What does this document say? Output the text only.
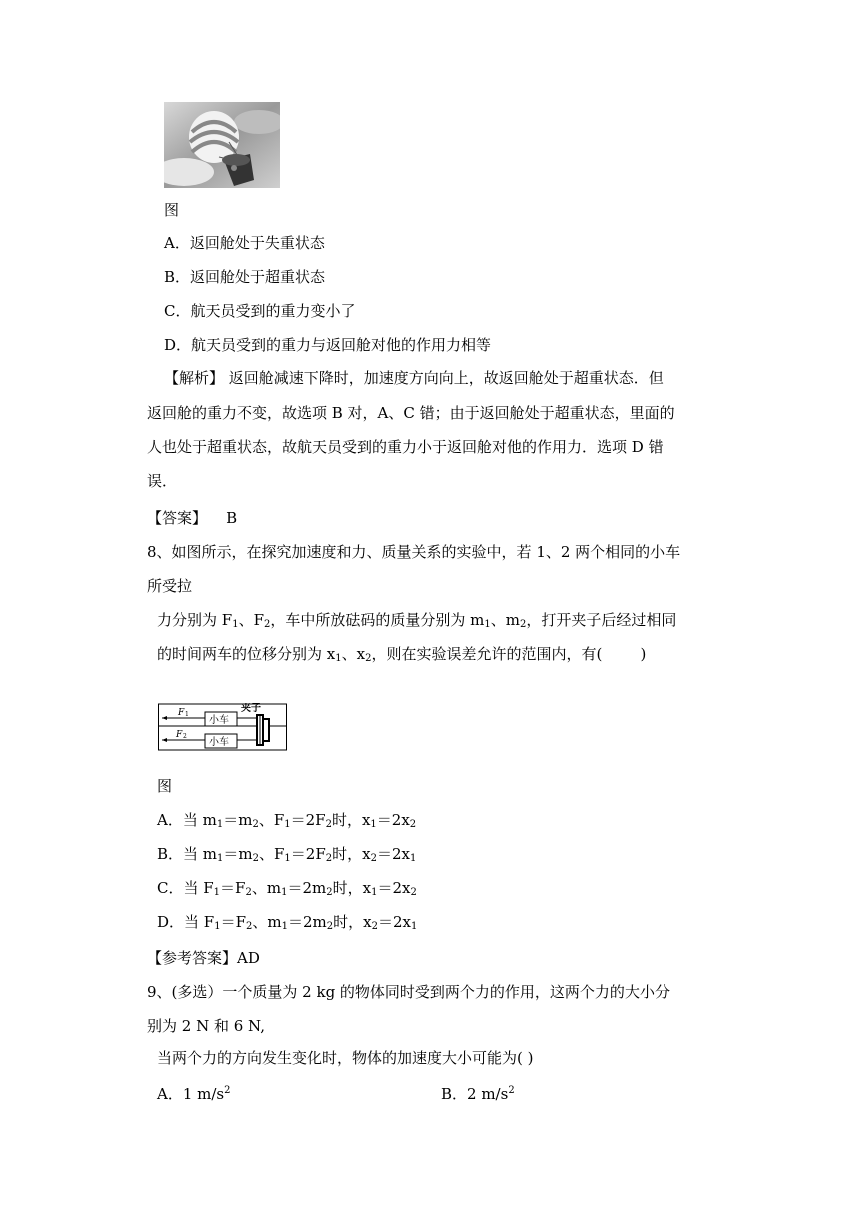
图
A．返回舱处于失重状态
B．返回舱处于超重状态
C．航天员受到的重力变小了
D．航天员受到的重力与返回舱对他的作用力相等
【解析】 返回舱减速下降时，加速度方向向上，故返回舱处于超重状态．但
返回舱的重力不变，故选项 B 对，A、C 错；由于返回舱处于超重状态，里面的
人也处于超重状态，故航天员受到的重力小于返回舱对他的作用力．选项 D 错
误．
【答案】 B
8、如图所示，在探究加速度和力、质量关系的实验中，若 1、2 两个相同的小车
所受拉
力分别为 $F_1$、$F_2$，车中所放砝码的质量分别为 $m_1$、$m_2$，打开夹子后经过相同
的时间两车的位移分别为 $x_1$、$x_2$，则在实验误差允许的范围内，有(        )
F 1
F 2
小车
小车
夹子
图
A．当 $m_1=m_2$、$F_1=2F_2$时，$x_1=2x_2$
B．当 $m_1=m_2$、$F_1=2F_2$时，$x_2=2x_1$
C．当 $F_1=F_2$、$m_1=2m_2$时，$x_1=2x_2$
D．当 $F_1=F_2$、$m_1=2m_2$时，$x_2=2x_1$
【参考答案】AD
9、(多选）一个质量为 2 kg 的物体同时受到两个力的作用，这两个力的大小分
别为 2 N 和 6 N,
当两个力的方向发生变化时，物体的加速度大小可能为( )
A．1 $m/s^2$	B．2 $m/s^2$
